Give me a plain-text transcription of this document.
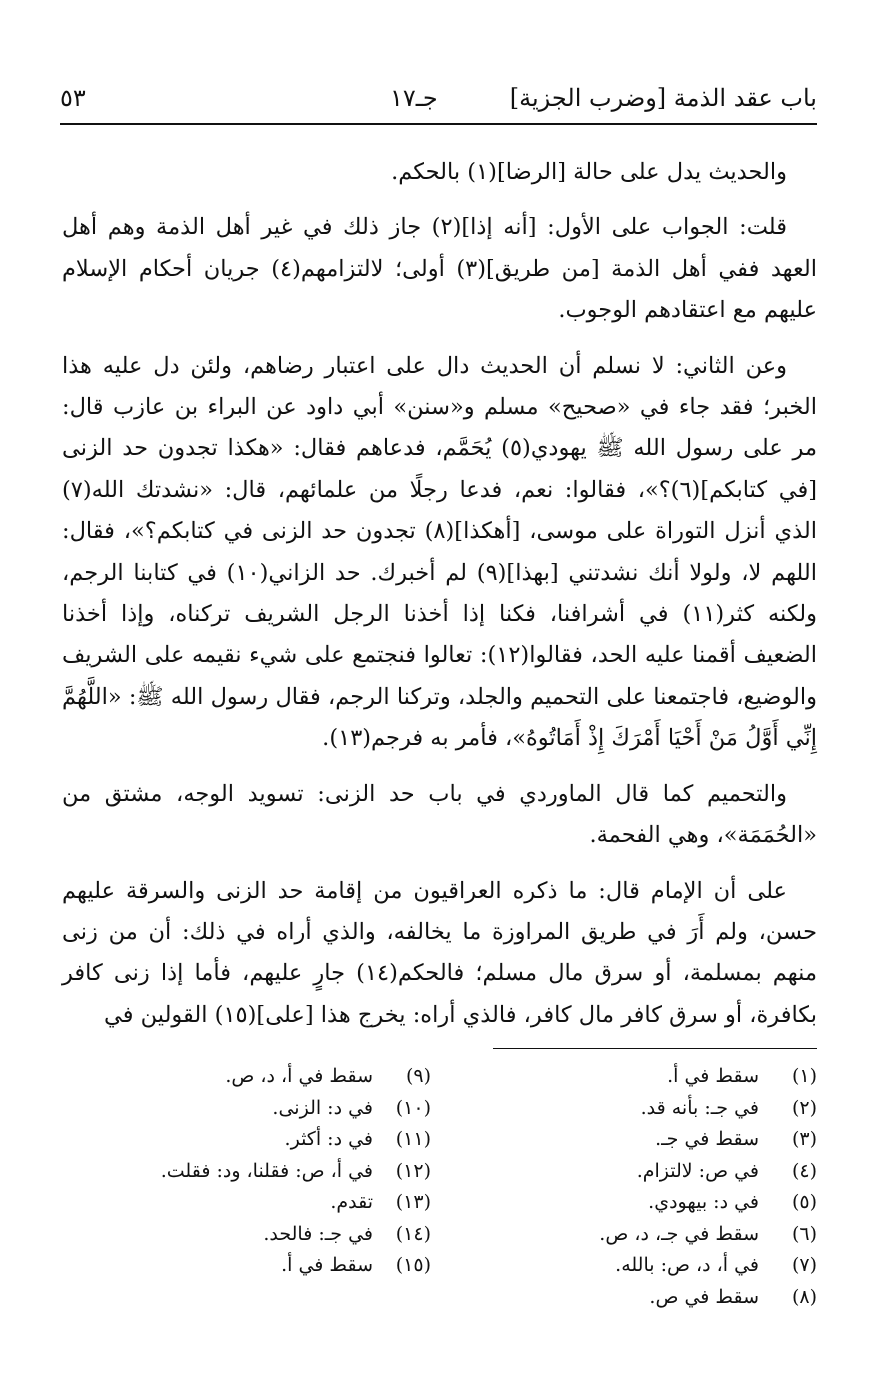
باب عقد الذمة [وضرب الجزية]
جـ١٧
٥٣

والحديث يدل على حالة [الرضا](١) بالحكم.

قلت: الجواب على الأول: [أنه إذا](٢) جاز ذلك في غير أهل الذمة وهم أهل العهد ففي أهل الذمة [من طريق](٣) أولى؛ لالتزامهم(٤) جريان أحكام الإسلام عليهم مع اعتقادهم الوجوب.

وعن الثاني: لا نسلم أن الحديث دال على اعتبار رضاهم، ولئن دل عليه هذا الخبر؛ فقد جاء في «صحيح» مسلم و«سنن» أبي داود عن البراء بن عازب قال: مر على رسول الله ﷺ يهودي(٥) يُحَمَّم، فدعاهم فقال: «هكذا تجدون حد الزنى [في كتابكم](٦)؟»، فقالوا: نعم، فدعا رجلًا من علمائهم، قال: «نشدتك الله(٧) الذي أنزل التوراة على موسى، [أهكذا](٨) تجدون حد الزنى في كتابكم؟»، فقال: اللهم لا، ولولا أنك نشدتني [بهذا](٩) لم أخبرك. حد الزاني(١٠) في كتابنا الرجم، ولكنه كثر(١١) في أشرافنا، فكنا إذا أخذنا الرجل الشريف تركناه، وإذا أخذنا الضعيف أقمنا عليه الحد، فقالوا(١٢): تعالوا فنجتمع على شيء نقيمه على الشريف والوضيع، فاجتمعنا على التحميم والجلد، وتركنا الرجم، فقال رسول الله ﷺ: «اللَّهُمَّ إِنِّي أَوَّلُ مَنْ أَحْيَا أَمْرَكَ إِذْ أَمَاتُوهُ»، فأمر به فرجم(١٣).

والتحميم كما قال الماوردي في باب حد الزنى: تسويد الوجه، مشتق من «الحُمَمَة»، وهي الفحمة.

على أن الإمام قال: ما ذكره العراقيون من إقامة حد الزنى والسرقة عليهم حسن، ولم أَرَ في طريق المراوزة ما يخالفه، والذي أراه في ذلك: أن من زنى منهم بمسلمة، أو سرق مال مسلم؛ فالحكم(١٤) جارٍ عليهم، فأما إذا زنى كافر بكافرة، أو سرق كافر مال كافر، فالذي أراه: يخرج هذا [على](١٥) القولين في

(١)سقط في أ.
(٢)في جـ: بأنه قد.
(٣)سقط في جـ.
(٤)في ص: لالتزام.
(٥)في د: بيهودي.
(٦)سقط في جـ، د، ص.
(٧)في أ، د، ص: بالله.
(٨)سقط في ص.
(٩)سقط في أ، د، ص.
(١٠)في د: الزنى.
(١١)في د: أكثر.
(١٢)في أ، ص: فقلنا، ود: فقلت.
(١٣)تقدم.
(١٤)في جـ: فالحد.
(١٥)سقط في أ.
